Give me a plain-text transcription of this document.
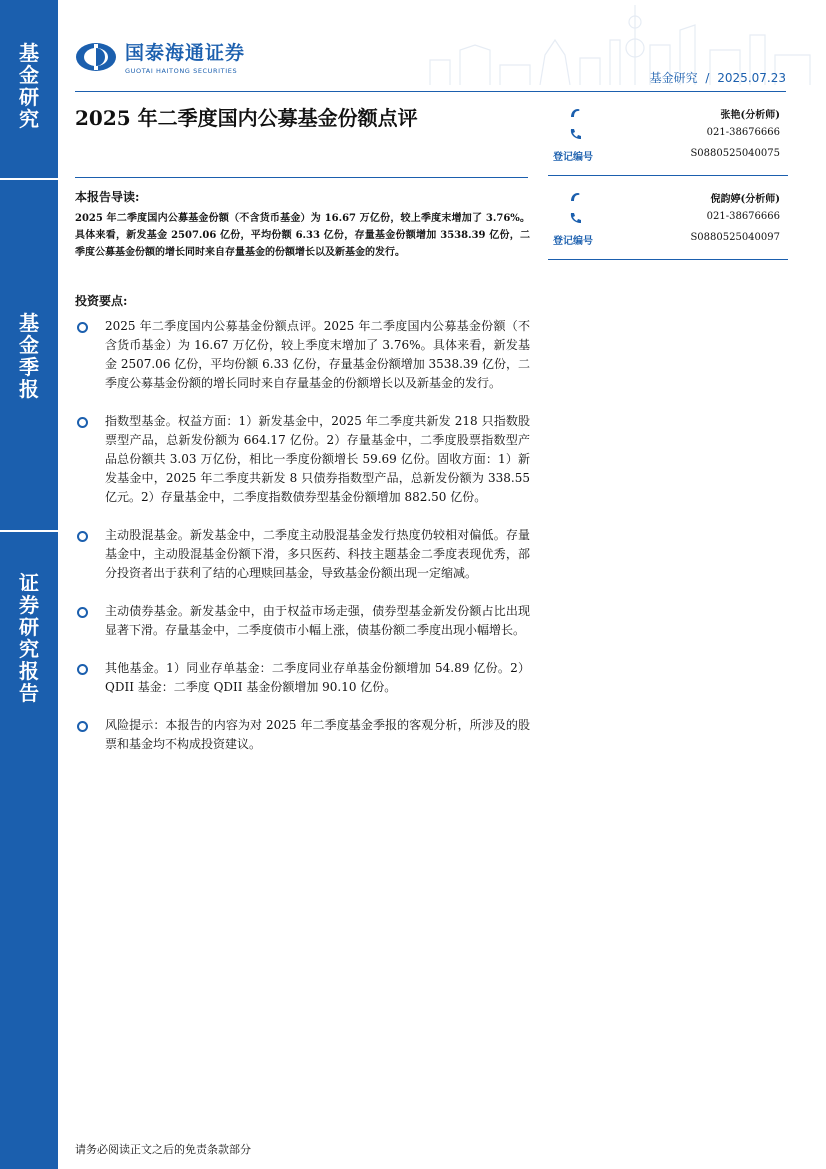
基
金
研
究
基
金
季
报
证
券
研
究
报
告
国泰海通证券
GUOTAI HAITONG SECURITIES	基金研究 / 2025.07.23
2025 年二季度国内公募基金份额点评
本报告导读:
2025 年二季度国内公募基金份额（不含货币基金）为 16.67 万亿份，较上季度末增加了 3.76%。具体来看，新发基金 2507.06 亿份，平均份额 6.33 亿份，存量基金份额增加 3538.39 亿份，二季度公募基金份额的增长同时来自存量基金的份额增长以及新基金的发行。
投资要点:
2025 年二季度国内公募基金份额点评。2025 年二季度国内公募基金份额（不含货币基金）为 16.67 万亿份，较上季度末增加了 3.76%。具体来看，新发基金 2507.06 亿份，平均份额 6.33 亿份，存量基金份额增加 3538.39 亿份，二季度公募基金份额的增长同时来自存量基金的份额增长以及新基金的发行。
指数型基金。权益方面：1）新发基金中，2025 年二季度共新发 218 只指数股票型产品，总新发份额为 664.17 亿份。2）存量基金中，二季度股票指数型产品总份额共 3.03 万亿份，相比一季度份额增长 59.69 亿份。固收方面：1）新发基金中，2025 年二季度共新发 8 只债券指数型产品，总新发份额为 338.55 亿元。2）存量基金中，二季度指数债券型基金份额增加 882.50 亿份。
主动股混基金。新发基金中，二季度主动股混基金发行热度仍较相对偏低。存量基金中，主动股混基金份额下滑，多只医药、科技主题基金二季度表现优秀，部分投资者出于获利了结的心理赎回基金，导致基金份额出现一定缩减。
主动债券基金。新发基金中，由于权益市场走强，债券型基金新发份额占比出现显著下滑。存量基金中，二季度债市小幅上涨，债基份额二季度出现小幅增长。
其他基金。1）同业存单基金：二季度同业存单基金份额增加 54.89 亿份。2）QDII 基金：二季度 QDII 基金份额增加 90.10 亿份。
风险提示：本报告的内容为对 2025 年二季度基金季报的客观分析，所涉及的股票和基金均不构成投资建议。
张艳(分析师)
021-38676666
登记编号	S0880525040075
倪韵婷(分析师)
021-38676666
登记编号	S0880525040097
请务必阅读正文之后的免责条款部分
